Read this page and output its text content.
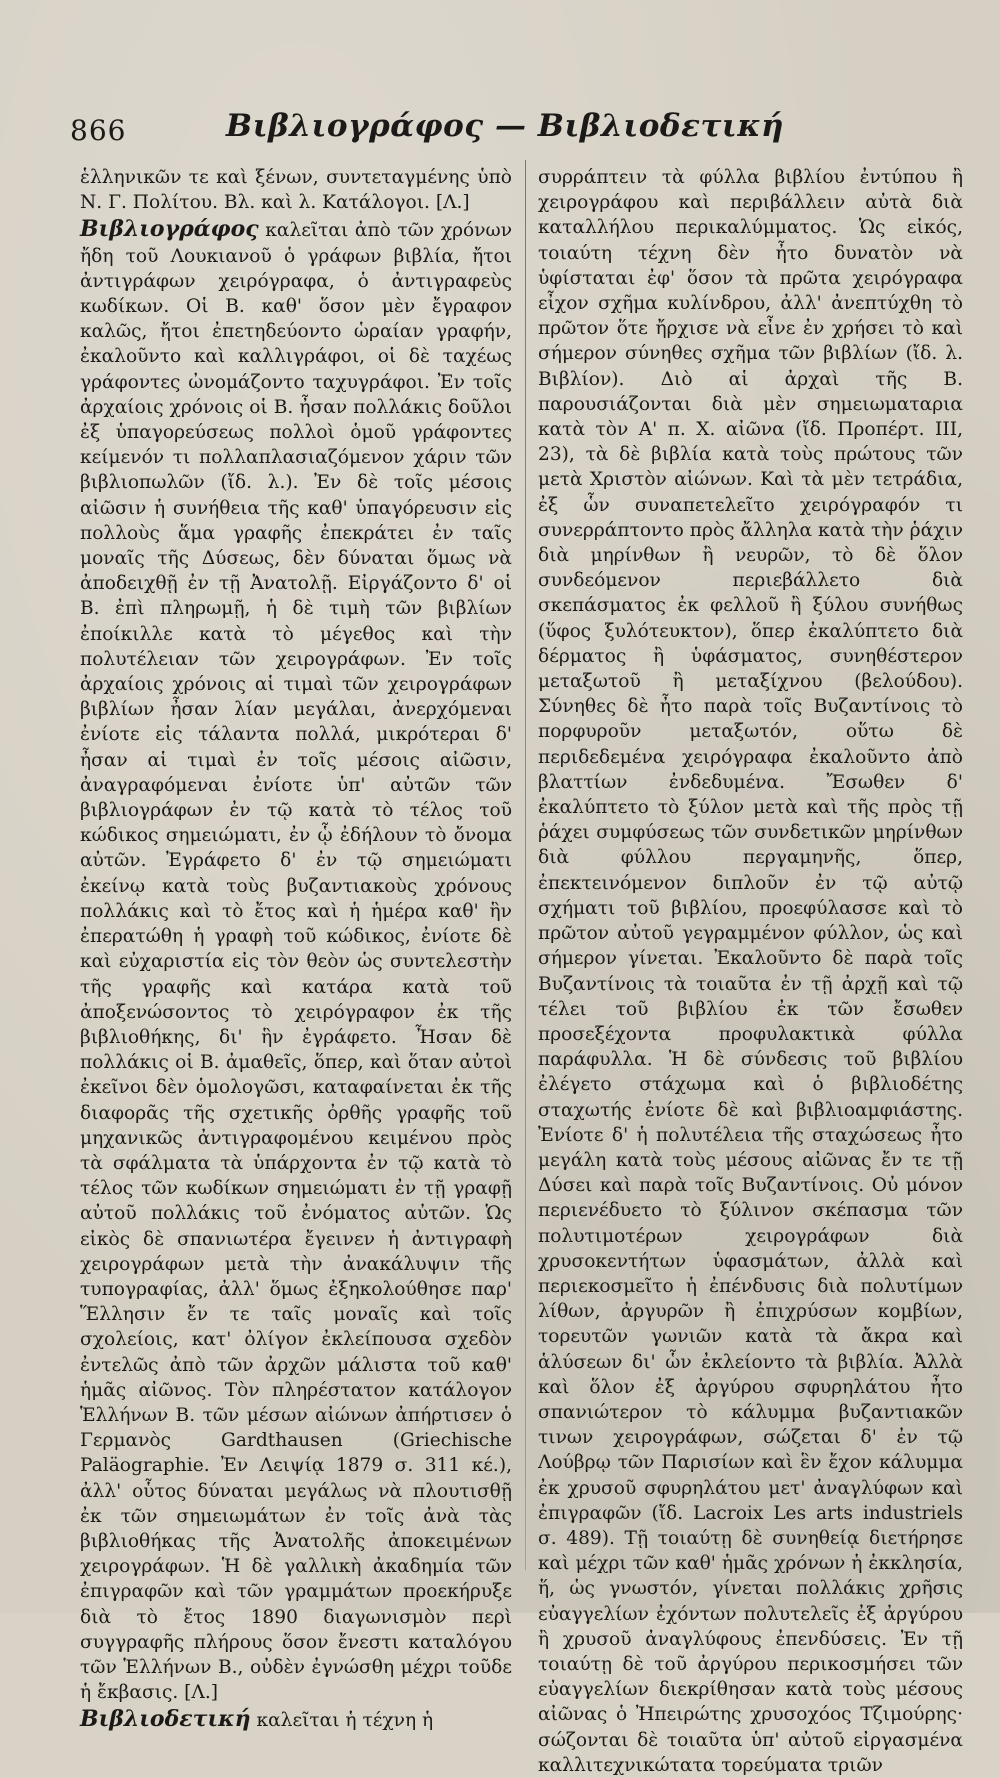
866	Βιβλιογράφος — Βιβλιοδετική

ἑλληνικῶν τε καὶ ξένων, συντεταγμένης ὑπὸ Ν. Γ. Πολίτου. Βλ. καὶ λ. Κατάλογοι. [Λ.]

Βιβλιογράφος καλεῖται ἀπὸ τῶν χρόνων ἤδη τοῦ Λουκιανοῦ ὁ γράφων βιβλία, ἤτοι ἀντιγράφων χειρόγραφα, ὁ ἀντιγραφεὺς κωδίκων. Οἱ Β. καθ' ὅσον μὲν ἔγραφον καλῶς, ἤτοι ἐπετηδεύοντο ὡραίαν γραφήν, ἐκαλοῦντο καὶ καλλιγράφοι, οἱ δὲ ταχέως γράφοντες ὠνομάζοντο ταχυγράφοι. Ἐν τοῖς ἀρχαίοις χρόνοις οἱ Β. ἦσαν πολλάκις δοῦλοι ἐξ ὑπαγορεύσεως πολλοὶ ὁμοῦ γράφοντες κείμενόν τι πολλαπλασιαζόμενον χάριν τῶν βιβλιοπωλῶν (ἴδ. λ.). Ἐν δὲ τοῖς μέσοις αἰῶσιν ἡ συνήθεια τῆς καθ' ὑπαγόρευσιν εἰς πολλοὺς ἅμα γραφῆς ἐπεκράτει ἐν ταῖς μοναῖς τῆς Δύσεως, δὲν δύναται ὅμως νὰ ἀποδειχθῇ ἐν τῇ Ἀνατολῇ. Εἰργάζοντο δ' οἱ Β. ἐπὶ πληρωμῇ, ἡ δὲ τιμὴ τῶν βιβλίων ἐποίκιλλε κατὰ τὸ μέγεθος καὶ τὴν πολυτέλειαν τῶν χειρογράφων. Ἐν τοῖς ἀρχαίοις χρόνοις αἱ τιμαὶ τῶν χειρογράφων βιβλίων ἦσαν λίαν μεγάλαι, ἀνερχόμεναι ἐνίοτε εἰς τάλαντα πολλά, μικρότεραι δ' ἦσαν αἱ τιμαὶ ἐν τοῖς μέσοις αἰῶσιν, ἀναγραφόμεναι ἐνίοτε ὑπ' αὐτῶν τῶν βιβλιογράφων ἐν τῷ κατὰ τὸ τέλος τοῦ κώδικος σημειώματι, ἐν ᾧ ἐδήλουν τὸ ὄνομα αὐτῶν. Ἐγράφετο δ' ἐν τῷ σημειώματι ἐκείνῳ κατὰ τοὺς βυζαντιακοὺς χρόνους πολλάκις καὶ τὸ ἔτος καὶ ἡ ἡμέρα καθ' ἣν ἐπερατώθη ἡ γραφὴ τοῦ κώδικος, ἐνίοτε δὲ καὶ εὐχαριστία εἰς τὸν θεὸν ὡς συντελεστὴν τῆς γραφῆς καὶ κατάρα κατὰ τοῦ ἀποξενώσοντος τὸ χειρόγραφον ἐκ τῆς βιβλιοθήκης, δι' ἣν ἐγράφετο. Ἦσαν δὲ πολλάκις οἱ Β. ἀμαθεῖς, ὅπερ, καὶ ὅταν αὐτοὶ ἐκεῖνοι δὲν ὁμολογῶσι, καταφαίνεται ἐκ τῆς διαφορᾶς τῆς σχετικῆς ὀρθῆς γραφῆς τοῦ μηχανικῶς ἀντιγραφομένου κειμένου πρὸς τὰ σφάλματα τὰ ὑπάρχοντα ἐν τῷ κατὰ τὸ τέλος τῶν κωδίκων σημειώματι ἐν τῇ γραφῇ αὐτοῦ πολλάκις τοῦ ἐνόματος αὐτῶν. Ὡς εἰκὸς δὲ σπανιωτέρα ἔγεινεν ἡ ἀντιγραφὴ χειρογράφων μετὰ τὴν ἀνακάλυψιν τῆς τυπογραφίας, ἀλλ' ὅμως ἐξηκολούθησε παρ' Ἕλλησιν ἔν τε ταῖς μοναῖς καὶ τοῖς σχολείοις, κατ' ὀλίγον ἐκλείπουσα σχεδὸν ἐντελῶς ἀπὸ τῶν ἀρχῶν μάλιστα τοῦ καθ' ἡμᾶς αἰῶνος. Τὸν πληρέστατον κατάλογον Ἑλλήνων Β. τῶν μέσων αἰώνων ἀπήρτισεν ὁ Γερμανὸς Gardthausen (Griechische Paläographie. Ἐν Λειψίᾳ 1879 σ. 311 κέ.), ἀλλ' οὗτος δύναται μεγάλως νὰ πλουτισθῇ ἐκ τῶν σημειωμάτων ἐν τοῖς ἀνὰ τὰς βιβλιοθήκας τῆς Ἀνατολῆς ἀποκειμένων χειρογράφων. Ἡ δὲ γαλλικὴ ἀκαδημία τῶν ἐπιγραφῶν καὶ τῶν γραμμάτων προεκήρυξε διὰ τὸ ἔτος 1890 διαγωνισμὸν περὶ συγγραφῆς πλήρους ὅσον ἔνεστι καταλόγου τῶν Ἑλλήνων Β., οὐδὲν ἐγνώσθη μέχρι τοῦδε ἡ ἔκβασις. [Λ.]

Βιβλιοδετική καλεῖται ἡ τέχνη ἡ

συρράπτειν τὰ φύλλα βιβλίου ἐντύπου ἢ χειρογράφου καὶ περιβάλλειν αὐτὰ διὰ καταλλήλου περικαλύμματος. Ὡς εἰκός, τοιαύτη τέχνη δὲν ἦτο δυνατὸν νὰ ὑφίσταται ἐφ' ὅσον τὰ πρῶτα χειρόγραφα εἶχον σχῆμα κυλίνδρου, ἀλλ' ἀνεπτύχθη τὸ πρῶτον ὅτε ἤρχισε νὰ εἶνε ἐν χρήσει τὸ καὶ σήμερον σύνηθες σχῆμα τῶν βιβλίων (ἴδ. λ. Βιβλίον). Διὸ αἱ ἀρχαὶ τῆς Β. παρουσιάζονται διὰ μὲν σημειωματαρια κατὰ τὸν Α' π. Χ. αἰῶνα (ἴδ. Προπέρτ. III, 23), τὰ δὲ βιβλία κατὰ τοὺς πρώτους τῶν μετὰ Χριστὸν αἰώνων. Καὶ τὰ μὲν τετράδια, ἐξ ὧν συναπετελεῖτο χειρόγραφόν τι συνερράπτοντο πρὸς ἄλληλα κατὰ τὴν ῥάχιν διὰ μηρίνθων ἢ νευρῶν, τὸ δὲ ὅλον συνδεόμενον περιεβάλλετο διὰ σκεπάσματος ἐκ φελλοῦ ἢ ξύλου συνήθως (ὕφος ξυλότευκτον), ὅπερ ἐκαλύπτετο διὰ δέρματος ἢ ὑφάσματος, συνηθέστερον μεταξωτοῦ ἢ μεταξίχνου (βελούδου). Σύνηθες δὲ ἦτο παρὰ τοῖς Βυζαντίνοις τὸ πορφυροῦν μεταξωτόν, οὕτω δὲ περιδεδεμένα χειρόγραφα ἐκαλοῦντο ἀπὸ βλαττίων ἐνδεδυμένα. Ἔσωθεν δ' ἐκαλύπτετο τὸ ξύλον μετὰ καὶ τῆς πρὸς τῇ ῥάχει συμφύσεως τῶν συνδετικῶν μηρίνθων διὰ φύλλου περγαμηνῆς, ὅπερ, ἐπεκτεινόμενον διπλοῦν ἐν τῷ αὐτῷ σχήματι τοῦ βιβλίου, προεφύλασσε καὶ τὸ πρῶτον αὐτοῦ γεγραμμένον φύλλον, ὡς καὶ σήμερον γίνεται. Ἐκαλοῦντο δὲ παρὰ τοῖς Βυζαντίνοις τὰ τοιαῦτα ἐν τῇ ἀρχῇ καὶ τῷ τέλει τοῦ βιβλίου ἐκ τῶν ἔσωθεν προσεξέχοντα προφυλακτικὰ φύλλα παράφυλλα. Ἡ δὲ σύνδεσις τοῦ βιβλίου ἐλέγετο στάχωμα καὶ ὁ βιβλιοδέτης σταχωτής ἐνίοτε δὲ καὶ βιβλιοαμφιάστης. Ἐνίοτε δ' ἡ πολυτέλεια τῆς σταχώσεως ἦτο μεγάλη κατὰ τοὺς μέσους αἰῶνας ἔν τε τῇ Δύσει καὶ παρὰ τοῖς Βυζαντίνοις. Οὐ μόνον περιενέδυετο τὸ ξύλινον σκέπασμα τῶν πολυτιμοτέρων χειρογράφων διὰ χρυσοκεντήτων ὑφασμάτων, ἀλλὰ καὶ περιεκοσμεῖτο ἡ ἐπένδυσις διὰ πολυτίμων λίθων, ἀργυρῶν ἢ ἐπιχρύσων κομβίων, τορευτῶν γωνιῶν κατὰ τὰ ἄκρα καὶ ἁλύσεων δι' ὧν ἐκλείοντο τὰ βιβλία. Ἀλλὰ καὶ ὅλον ἐξ ἀργύρου σφυρηλάτου ἦτο σπανιώτερον τὸ κάλυμμα βυζαντιακῶν τινων χειρογράφων, σώζεται δ' ἐν τῷ Λούβρῳ τῶν Παρισίων καὶ ἓν ἔχον κάλυμμα ἐκ χρυσοῦ σφυρηλάτου μετ' ἀναγλύφων καὶ ἐπιγραφῶν (ἴδ. Lacroix Les arts industriels σ. 489). Τῇ τοιαύτῃ δὲ συνηθείᾳ διετήρησε καὶ μέχρι τῶν καθ' ἡμᾶς χρόνων ἡ ἐκκλησία, ἥ, ὡς γνωστόν, γίνεται πολλάκις χρῆσις εὐαγγελίων ἐχόντων πολυτελεῖς ἐξ ἀργύρου ἢ χρυσοῦ ἀναγλύφους ἐπενδύσεις. Ἐν τῇ τοιαύτῃ δὲ τοῦ ἀργύρου περικοσμήσει τῶν εὐαγγελίων διεκρίθησαν κατὰ τοὺς μέσους αἰῶνας ὁ Ἠπειρώτης χρυσοχόος Τζιμούρης· σώζονται δὲ τοιαῦτα ὑπ' αὐτοῦ εἰργασμένα καλλιτεχνικώτατα τορεύματα τριῶν
